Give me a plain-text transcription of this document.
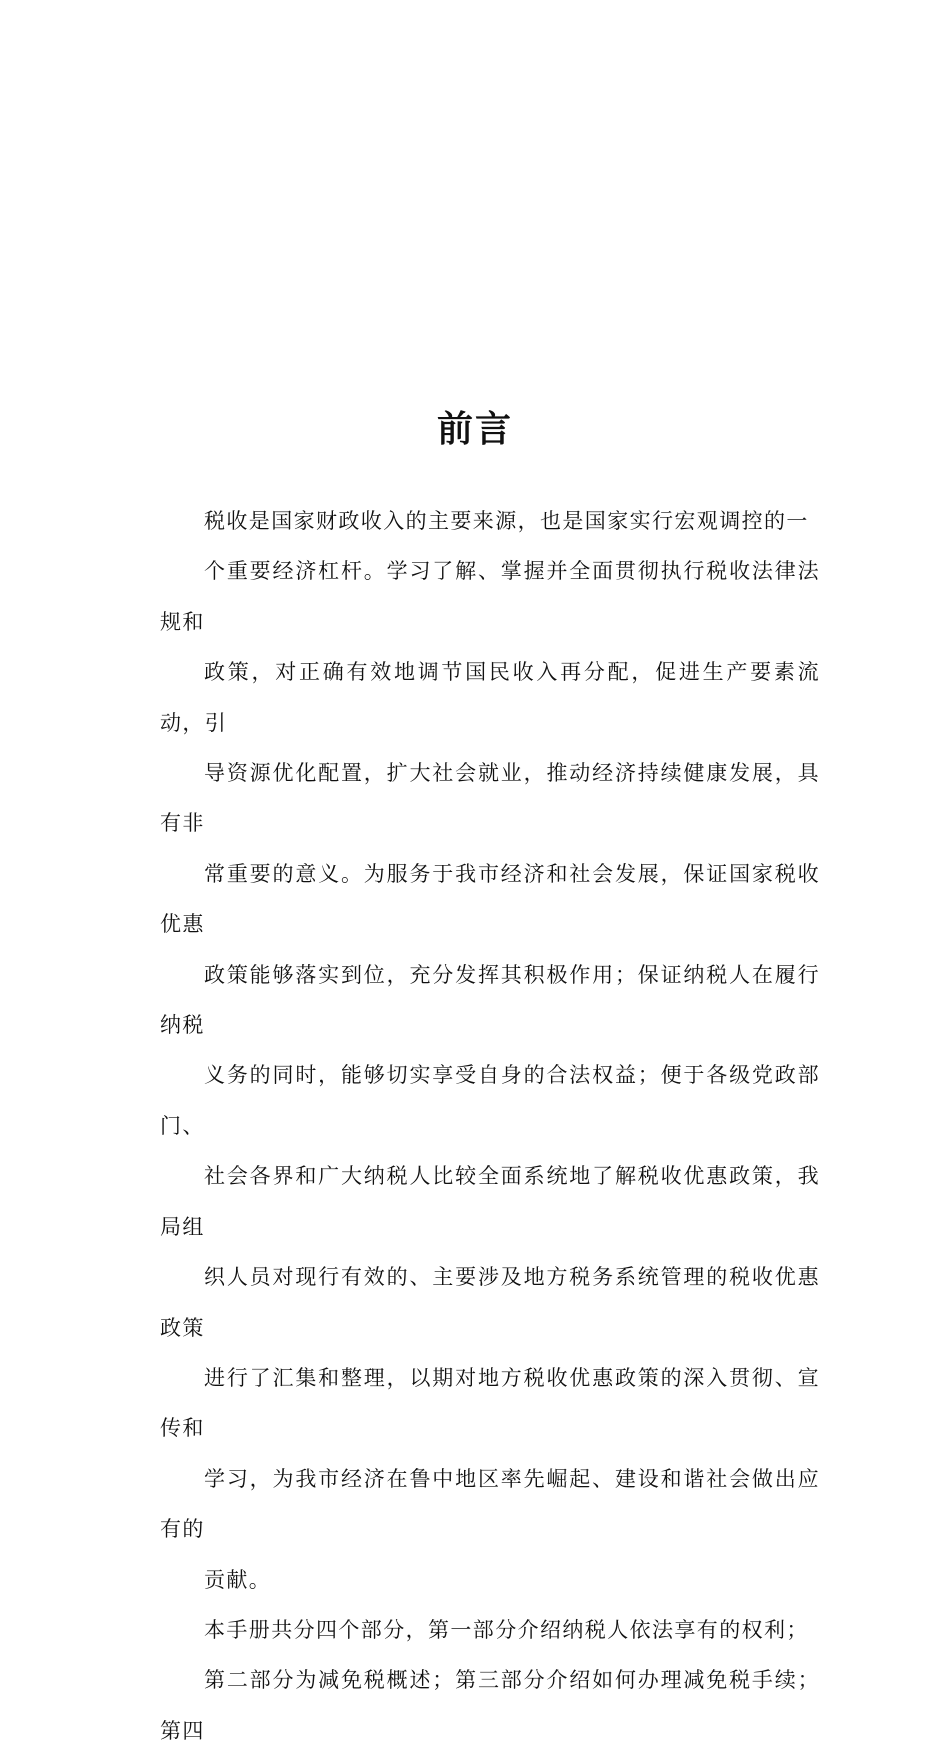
前言

税收是国家财政收入的主要来源，也是国家实行宏观调控的一
个重要经济杠杆。学习了解、掌握并全面贯彻执行税收法律法规和
政策，对正确有效地调节国民收入再分配，促进生产要素流动，引
导资源优化配置，扩大社会就业，推动经济持续健康发展，具有非
常重要的意义。为服务于我市经济和社会发展，保证国家税收优惠
政策能够落实到位，充分发挥其积极作用；保证纳税人在履行纳税
义务的同时，能够切实享受自身的合法权益；便于各级党政部门、
社会各界和广大纳税人比较全面系统地了解税收优惠政策，我局组
织人员对现行有效的、主要涉及地方税务系统管理的税收优惠政策
进行了汇集和整理，以期对地方税收优惠政策的深入贯彻、宣传和
学习，为我市经济在鲁中地区率先崛起、建设和谐社会做出应有的
贡献。

本手册共分四个部分，第一部分介绍纳税人依法享有的权利；
第二部分为减免税概述；第三部分介绍如何办理减免税手续；第四
